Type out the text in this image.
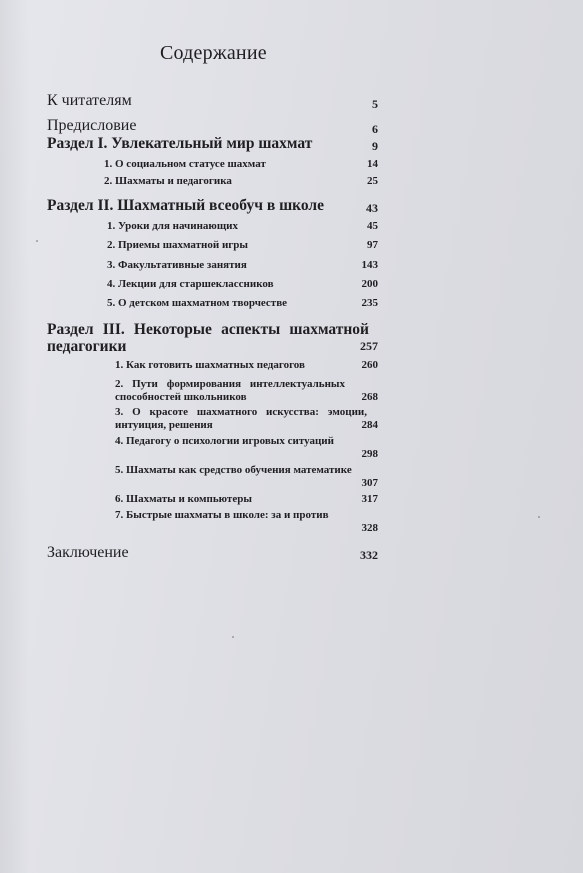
Содержание
К читателям	5
Предисловие	6
Раздел I. Увлекательный мир шахмат	9
1. О социальном статусе шахмат	14
2. Шахматы и педагогика	25
Раздел II. Шахматный всеобуч в школе	43
1. Уроки для начинающих	45
2. Приемы шахматной игры	97
3. Факультативные занятия	143
4. Лекции для старшеклассников	200
5. О детском шахматном творчестве	235
Раздел III. Некоторые аспекты шахматной педагогики	257
1. Как готовить шахматных педагогов	260
2. Пути формирования интеллектуальных способностей школьников	268
3. О красоте шахматного искусства: эмоции, интуиция, решения	284
4. Педагогу о психологии игровых ситуаций
298
5. Шахматы как средство обучения математике
307
6. Шахматы и компьютеры	317
7. Быстрые шахматы в школе: за и против
328
Заключение	332
